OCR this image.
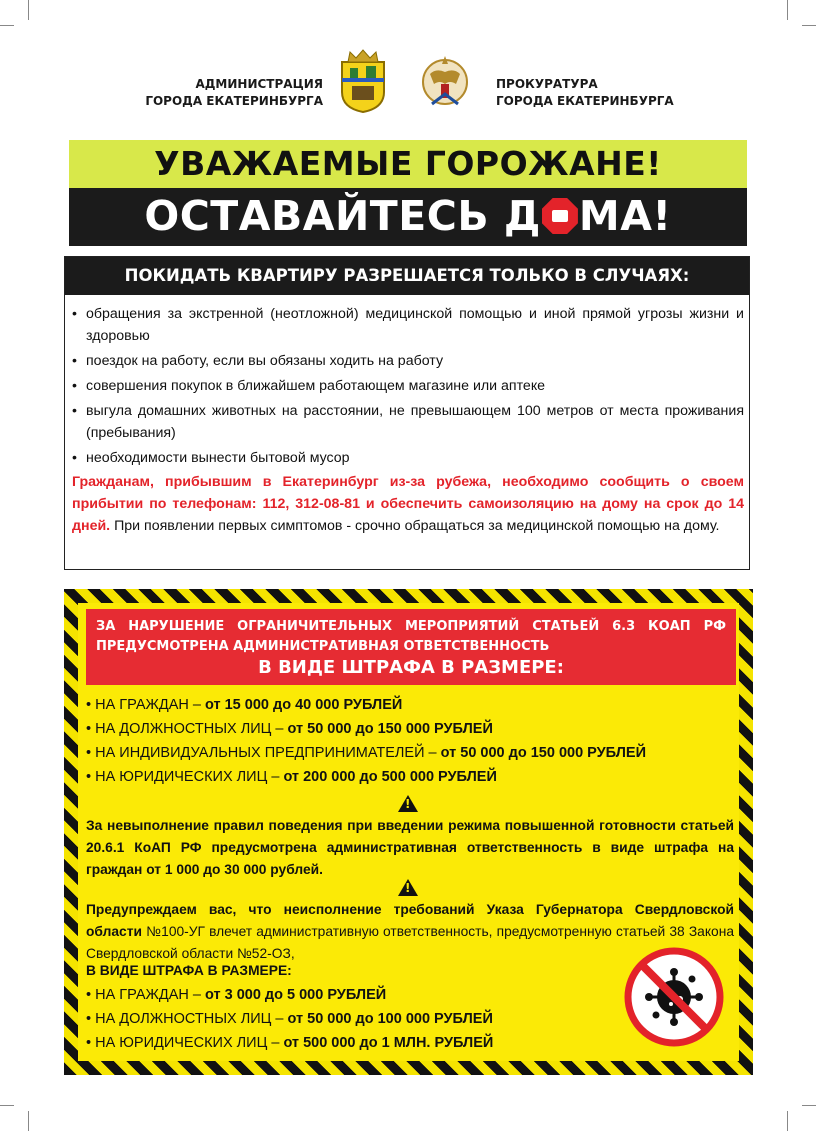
АДМИНИСТРАЦИЯ
ГОРОДА ЕКАТЕРИНБУРГА
ПРОКУРАТУРА
ГОРОДА ЕКАТЕРИНБУРГА
УВАЖАЕМЫЕ ГОРОЖАНЕ!
ОСТАВАЙТЕСЬ Д МА!
ПОКИДАТЬ КВАРТИРУ РАЗРЕШАЕТСЯ ТОЛЬКО В СЛУЧАЯХ:
• обращения за экстренной (неотложной) медицинской помощью и иной прямой угрозы жизни и здоровью
• поездок на работу, если вы обязаны ходить на работу
• совершения покупок в ближайшем работающем магазине или аптеке
• выгула домашних животных на расстоянии, не превышающем 100 метров от места проживания (пребывания)
• необходимости вынести бытовой мусор
Гражданам, прибывшим в Екатеринбург из-за рубежа, необходимо сообщить о своем прибытии по телефонам: 112, 312-08-81 и обеспечить самоизоляцию на дому на срок до 14 дней. При появлении первых симптомов - срочно обращаться за медицинской помощью на дому.
ЗА НАРУШЕНИЕ ОГРАНИЧИТЕЛЬНЫХ МЕРОПРИЯТИЙ СТАТЬЕЙ 6.3 КОАП РФ ПРЕДУСМОТРЕНА АДМИНИСТРАТИВНАЯ ОТВЕТСТВЕННОСТЬ
В ВИДЕ ШТРАФА В РАЗМЕРЕ:
• НА ГРАЖДАН – от 15 000 до 40 000 РУБЛЕЙ
• НА ДОЛЖНОСТНЫХ ЛИЦ – от 50 000 до 150 000 РУБЛЕЙ
• НА ИНДИВИДУАЛЬНЫХ ПРЕДПРИНИМАТЕЛЕЙ – от 50 000 до 150 000 РУБЛЕЙ
• НА ЮРИДИЧЕСКИХ ЛИЦ – от 200 000 до 500 000 РУБЛЕЙ
!
За невыполнение правил поведения при введении режима повышенной готовности статьей 20.6.1 КоАП РФ предусмотрена административная ответственность в виде штрафа на граждан от 1 000 до 30 000 рублей.
!
Предупреждаем вас, что неисполнение требований Указа Губернатора Свердловской области №100-УГ влечет административную ответственность, предусмотренную статьей 38 Закона Свердловской области №52-ОЗ,
В ВИДЕ ШТРАФА В РАЗМЕРЕ:
• НА ГРАЖДАН – от 3 000 до 5 000 РУБЛЕЙ
• НА ДОЛЖНОСТНЫХ ЛИЦ – от 50 000 до 100 000 РУБЛЕЙ
• НА ЮРИДИЧЕСКИХ ЛИЦ – от 500 000 до 1 МЛН. РУБЛЕЙ
